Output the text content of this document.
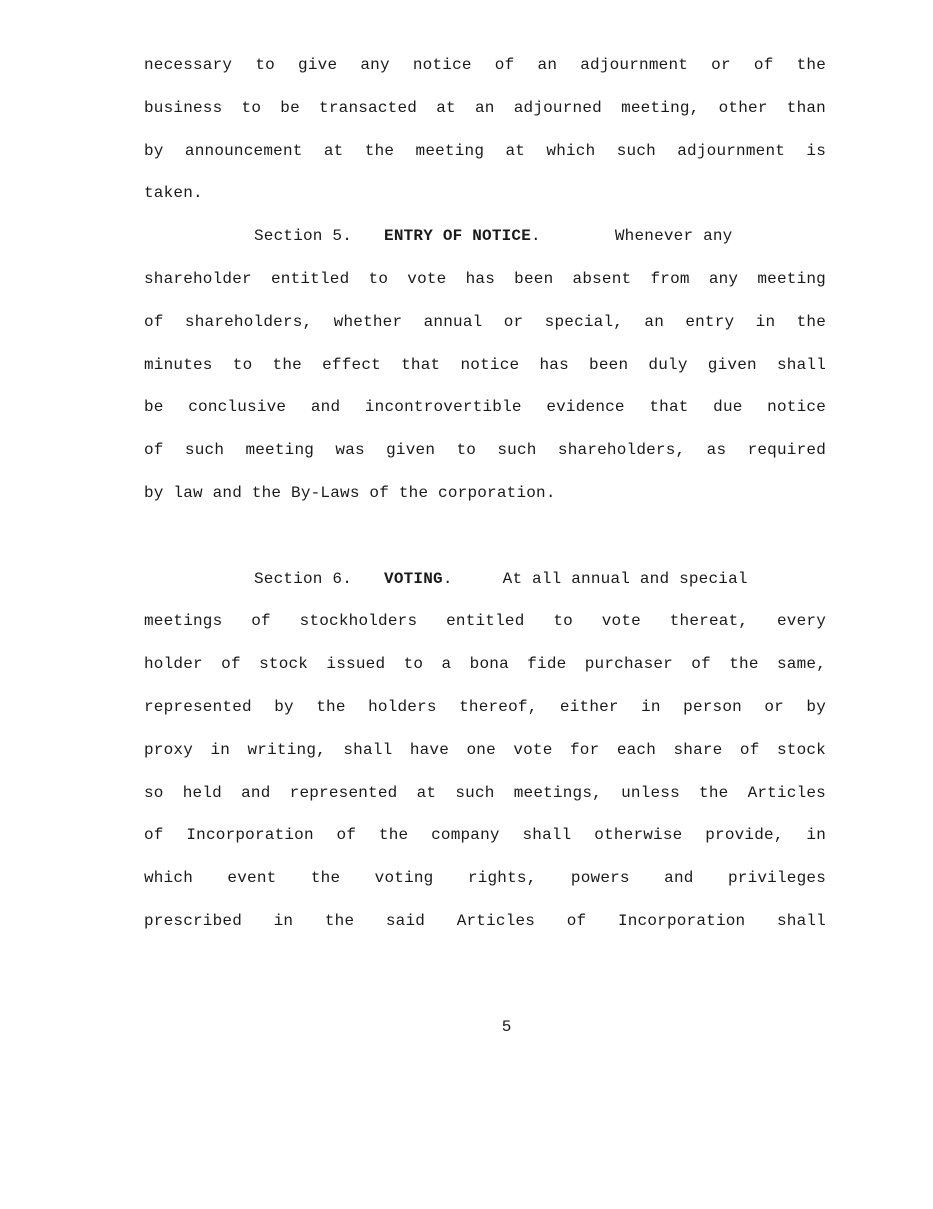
necessary to give any notice of an adjournment or of the
business to be transacted at an adjourned meeting, other than
by announcement at the meeting at which such adjournment is
taken.
Section 5. ENTRY OF NOTICE.	Whenever any
shareholder entitled to vote has been absent from any meeting
of shareholders, whether annual or special, an entry in the
minutes to the effect that notice has been duly given shall
be conclusive and incontrovertible evidence that due notice
of such meeting was given to such shareholders, as required
by law and the By-Laws of the corporation.
Section 6. VOTING.	At all annual and special
meetings of stockholders entitled to vote thereat, every
holder of stock issued to a bona fide purchaser of the same,
represented by the holders thereof, either in person or by
proxy in writing, shall have one vote for each share of stock
so held and represented at such meetings, unless the Articles
of Incorporation of the company shall otherwise provide, in
which event the voting rights, powers and privileges
prescribed in the said Articles of Incorporation shall
5
